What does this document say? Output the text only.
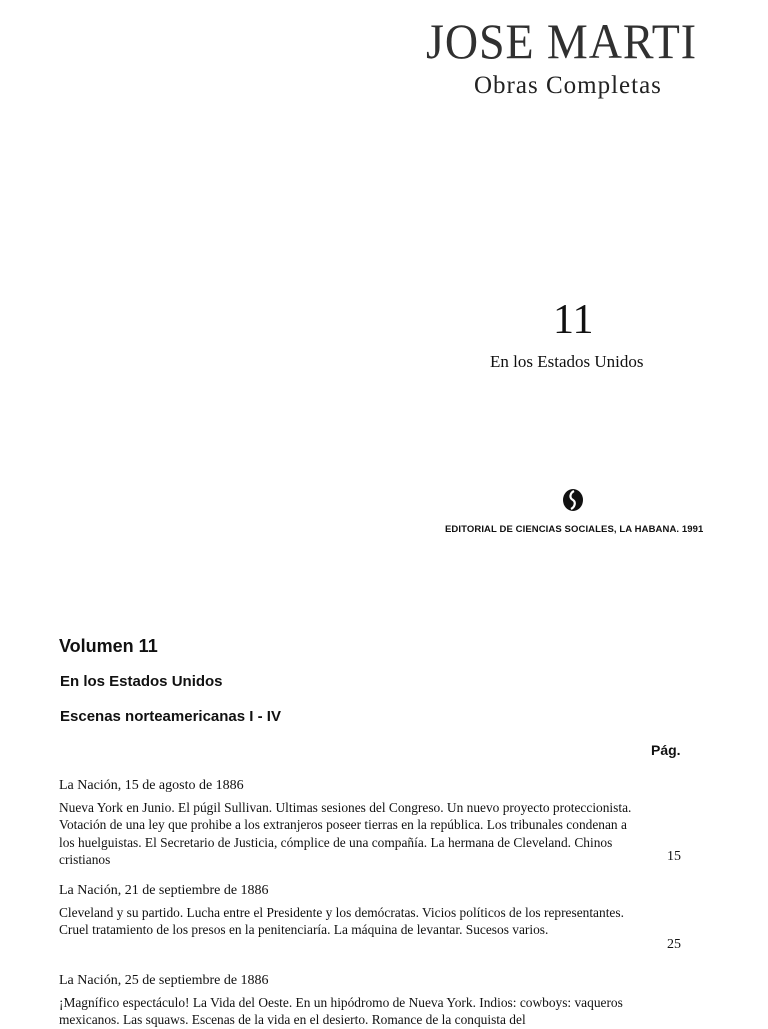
JOSE MARTI
Obras Completas
11
En los Estados Unidos
EDITORIAL DE CIENCIAS SOCIALES, LA HABANA. 1991
Volumen 11
En los Estados Unidos
Escenas norteamericanas I - IV
Pág.

La Nación, 15 de agosto de 1886

Nueva York en Junio. El púgil Sullivan. Ultimas sesiones del Congreso. Un nuevo proyecto proteccionista. Votación de una ley que prohibe a los extranjeros poseer tierras en la república. Los tribunales condenan a los huelguistas. El Secretario de Justicia, cómplice de una compañía. La hermana de Cleveland. Chinos cristianos	15

La Nación, 21 de septiembre de 1886

Cleveland y su partido. Lucha entre el Presidente y los demócratas. Vicios políticos de los representantes. Cruel tratamiento de los presos en la penitenciaría. La máquina de levantar. Sucesos varios.

25

La Nación, 25 de septiembre de 1886

¡Magnífico espectáculo! La Vida del Oeste. En un hipódromo de Nueva York. Indios: cowboys: vaqueros mexicanos. Las squaws. Escenas de la vida en el desierto. Romance de la conquista del
